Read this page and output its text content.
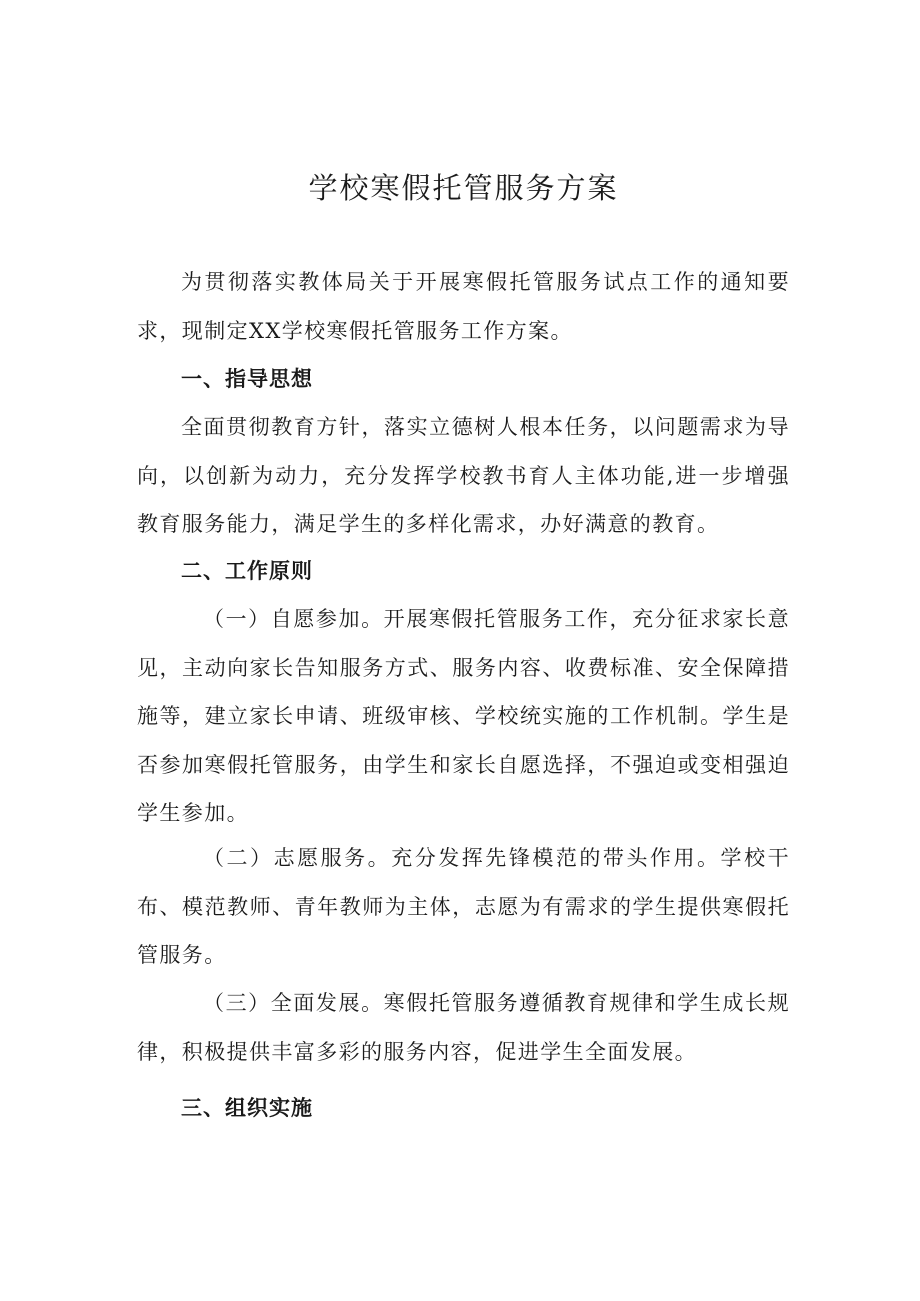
学校寒假托管服务方案

为贯彻落实教体局关于开展寒假托管服务试点工作的通知要求，现制定XX学校寒假托管服务工作方案。

一、指导思想

全面贯彻教育方针，落实立德树人根本任务，以问题需求为导向，以创新为动力，充分发挥学校教书育人主体功能,进一步增强教育服务能力，满足学生的多样化需求，办好满意的教育。

二、工作原则

（一）自愿参加。开展寒假托管服务工作，充分征求家长意见，主动向家长告知服务方式、服务内容、收费标准、安全保障措施等，建立家长申请、班级审核、学校统实施的工作机制。学生是否参加寒假托管服务，由学生和家长自愿选择，不强迫或变相强迫学生参加。

（二）志愿服务。充分发挥先锋模范的带头作用。学校干布、模范教师、青年教师为主体，志愿为有需求的学生提供寒假托管服务。

（三）全面发展。寒假托管服务遵循教育规律和学生成长规律，积极提供丰富多彩的服务内容，促进学生全面发展。

三、组织实施
